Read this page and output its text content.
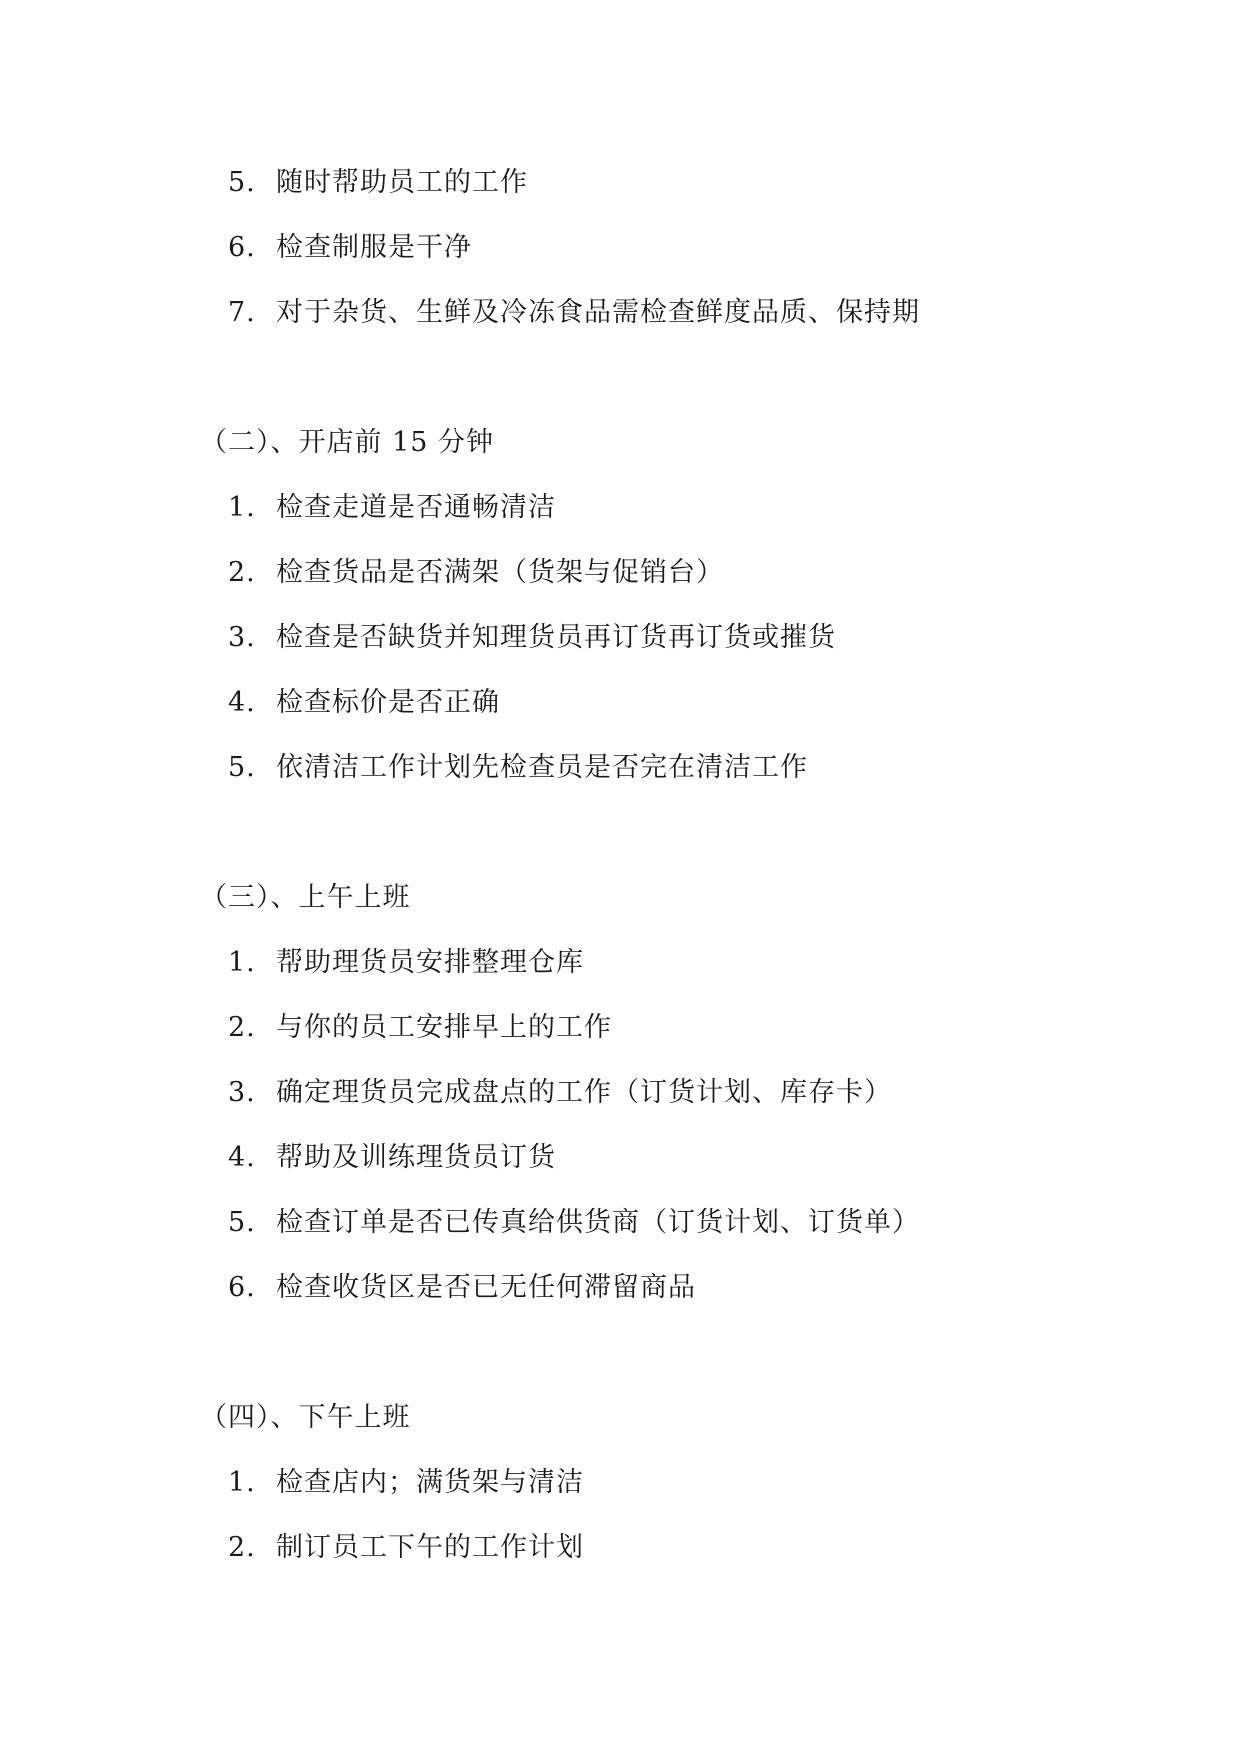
5. 随时帮助员工的工作
6. 检查制服是干净
7. 对于杂货、生鲜及冷冻食品需检查鲜度品质、保持期
（二）、开店前 15 分钟
1. 检查走道是否通畅清洁
2. 检查货品是否满架（货架与促销台）
3. 检查是否缺货并知理货员再订货再订货或摧货
4. 检查标价是否正确
5. 依清洁工作计划先检查员是否完在清洁工作
（三）、上午上班
1. 帮助理货员安排整理仓库
2. 与你的员工安排早上的工作
3. 确定理货员完成盘点的工作（订货计划、库存卡）
4. 帮助及训练理货员订货
5. 检查订单是否已传真给供货商（订货计划、订货单）
6. 检查收货区是否已无任何滞留商品
（四）、下午上班
1. 检查店内；满货架与清洁
2. 制订员工下午的工作计划
